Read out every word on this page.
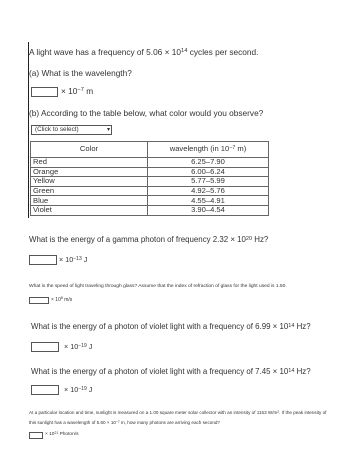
A light wave has a frequency of $5.06 \times 10^{14}$ cycles per second.
(a) What is the wavelength?
× $10^{-7}$ m
(b) According to the table below, what color would you observe?
(Click to select)	▾
Color	wavelength (in $10^{-7}$ m)
Red	6.25–7.90
Orange	6.00–6.24
Yellow	5.77–5.99
Green	4.92–5.76
Blue	4.55–4.91
Violet	3.90–4.54
What is the energy of a gamma photon of frequency $2.32 \times 10^{20}$ Hz?
× $10^{-13}$ J
What is the speed of light traveling through glass? Assume that the index of refraction of glass for the light used is 1.50.
× $10^8$ m/s
What is the energy of a photon of violet light with a frequency of $6.99 \times 10^{14}$ Hz?
× $10^{-19}$ J
What is the energy of a photon of violet light with a frequency of $7.45 \times 10^{14}$ Hz?
× $10^{-19}$ J
At a particular location and time, sunlight is measured on a 1.00 square meter solar collector with an intensity of 1153 $W/m^2$. If the peak intensity of this sunlight has a wavelength of $5.60 \times 10^{-7}$ m, how many photons are arriving each second?
× $10^{21}$ Photon/s
